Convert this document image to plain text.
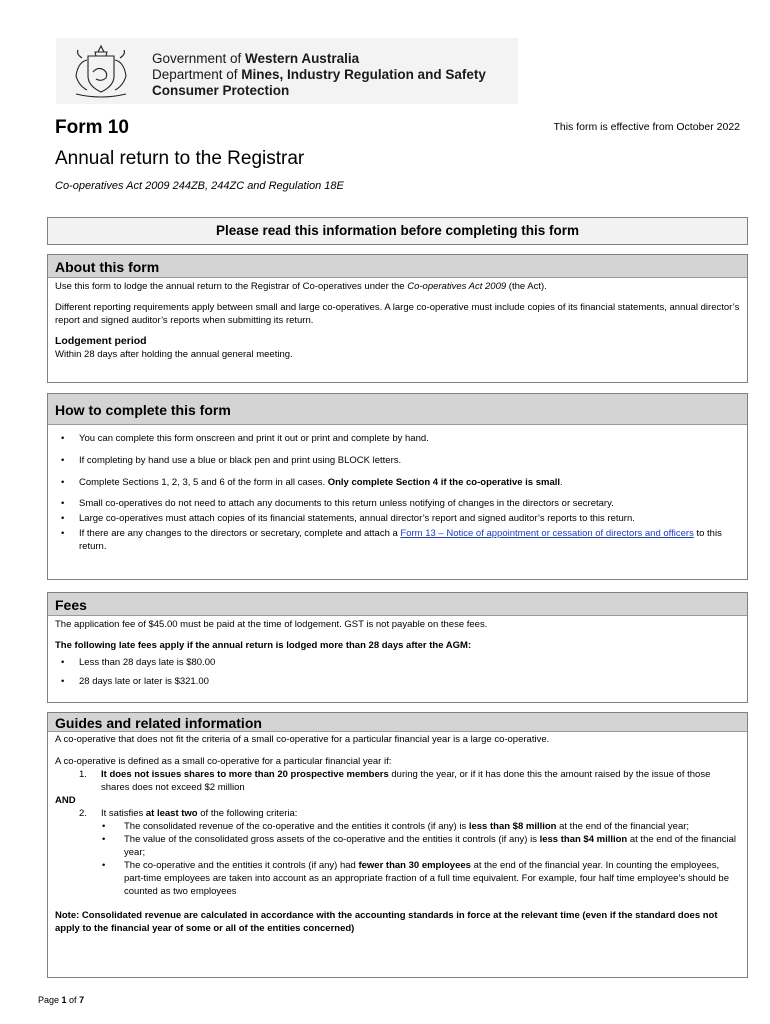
Government of Western Australia
Department of Mines, Industry Regulation and Safety
Consumer Protection
Form 10	This form is effective from October 2022
Annual return to the Registrar
Co-operatives Act 2009 244ZB, 244ZC and Regulation 18E
Please read this information before completing this form
About this form

Use this form to lodge the annual return to the Registrar of Co-operatives under the Co-operatives Act 2009 (the Act).

Different reporting requirements apply between small and large co-operatives. A large co-operative must include copies of its financial statements, annual director’s report and signed auditor’s reports when submitting its return.

Lodgement period
Within 28 days after holding the annual general meeting.
How to complete this form
• You can complete this form onscreen and print it out or print and complete by hand.
• If completing by hand use a blue or black pen and print using BLOCK letters.
• Complete Sections 1, 2, 3, 5 and 6 of the form in all cases. Only complete Section 4 if the co-operative is small.
• Small co-operatives do not need to attach any documents to this return unless notifying of changes in the directors or secretary.
• Large co-operatives must attach copies of its financial statements, annual director’s report and signed auditor’s reports to this return.
• If there are any changes to the directors or secretary, complete and attach a Form 13 – Notice of appointment or cessation of directors and officers to this return.
Fees

The application fee of $45.00 must be paid at the time of lodgement. GST is not payable on these fees.

The following late fees apply if the annual return is lodged more than 28 days after the AGM:

• Less than 28 days late is $80.00
• 28 days late or later is $321.00
Guides and related information

A co-operative that does not fit the criteria of a small co-operative for a particular financial year is a large co-operative.

A co-operative is defined as a small co-operative for a particular financial year if:
1. It does not issues shares to more than 20 prospective members during the year, or if it has done this the amount raised by the issue of those shares does not exceed $2 million
AND
2. It satisfies at least two of the following criteria:
• The consolidated revenue of the co-operative and the entities it controls (if any) is less than $8 million at the end of the financial year;
• The value of the consolidated gross assets of the co-operative and the entities it controls (if any) is less than $4 million at the end of the financial year;
• The co-operative and the entities it controls (if any) had fewer than 30 employees at the end of the financial year. In counting the employees, part-time employees are taken into account as an appropriate fraction of a full time equivalent. For example, four half time employee’s should be counted as two employees
Note: Consolidated revenue are calculated in accordance with the accounting standards in force at the relevant time (even if the standard does not apply to the financial year of some or all of the entities concerned)
Page 1 of 7
